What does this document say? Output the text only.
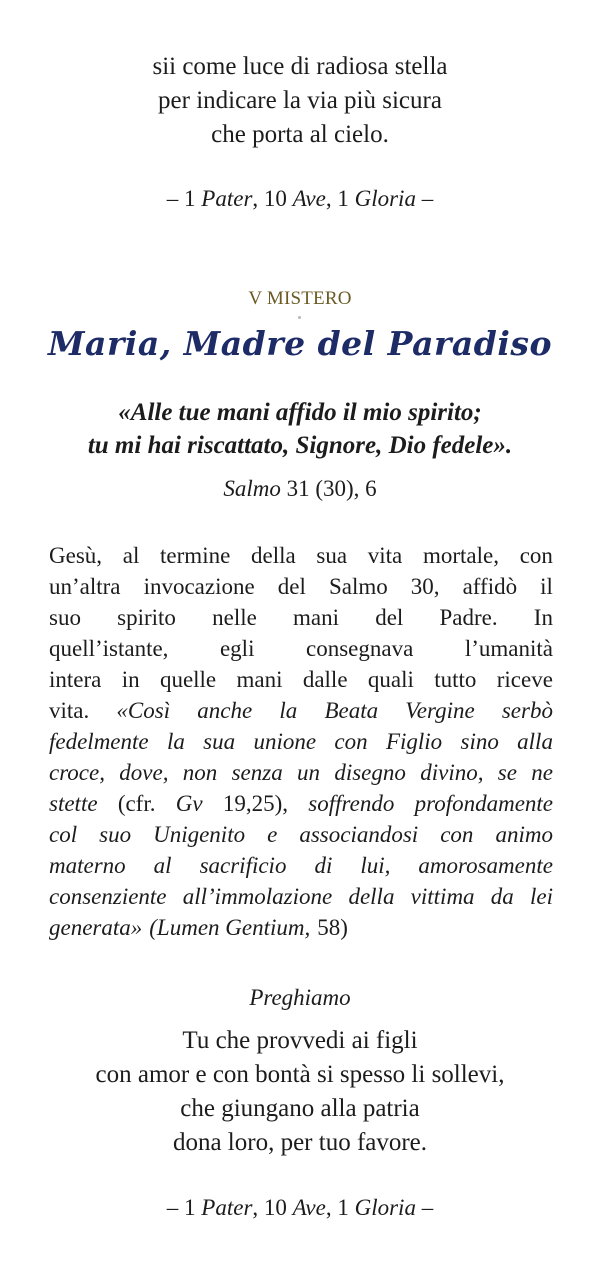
sii come luce di radiosa stella
per indicare la via più sicura
che porta al cielo.
– 1 Pater, 10 Ave, 1 Gloria –
V MISTERO
Maria, Madre del Paradiso
«Alle tue mani affido il mio spirito;
tu mi hai riscattato, Signore, Dio fedele».
Salmo 31 (30), 6
Gesù, al termine della sua vita mortale, con
un’altra invocazione del Salmo 30, affidò il
suo spirito nelle mani del Padre. In
quell’istante, egli consegnava l’umanità
intera in quelle mani dalle quali tutto riceve
vita. «Così anche la Beata Vergine serbò
fedelmente la sua unione con Figlio sino alla
croce, dove, non senza un disegno divino, se ne
stette (cfr. Gv 19,25), soffrendo profondamente
col suo Unigenito e associandosi con animo
materno al sacrificio di lui, amorosamente
consenziente all’immolazione della vittima da lei
generata» (Lumen Gentium, 58)
Preghiamo
Tu che provvedi ai figli
con amor e con bontà si spesso li sollevi,
che giungano alla patria
dona loro, per tuo favore.
– 1 Pater, 10 Ave, 1 Gloria –
